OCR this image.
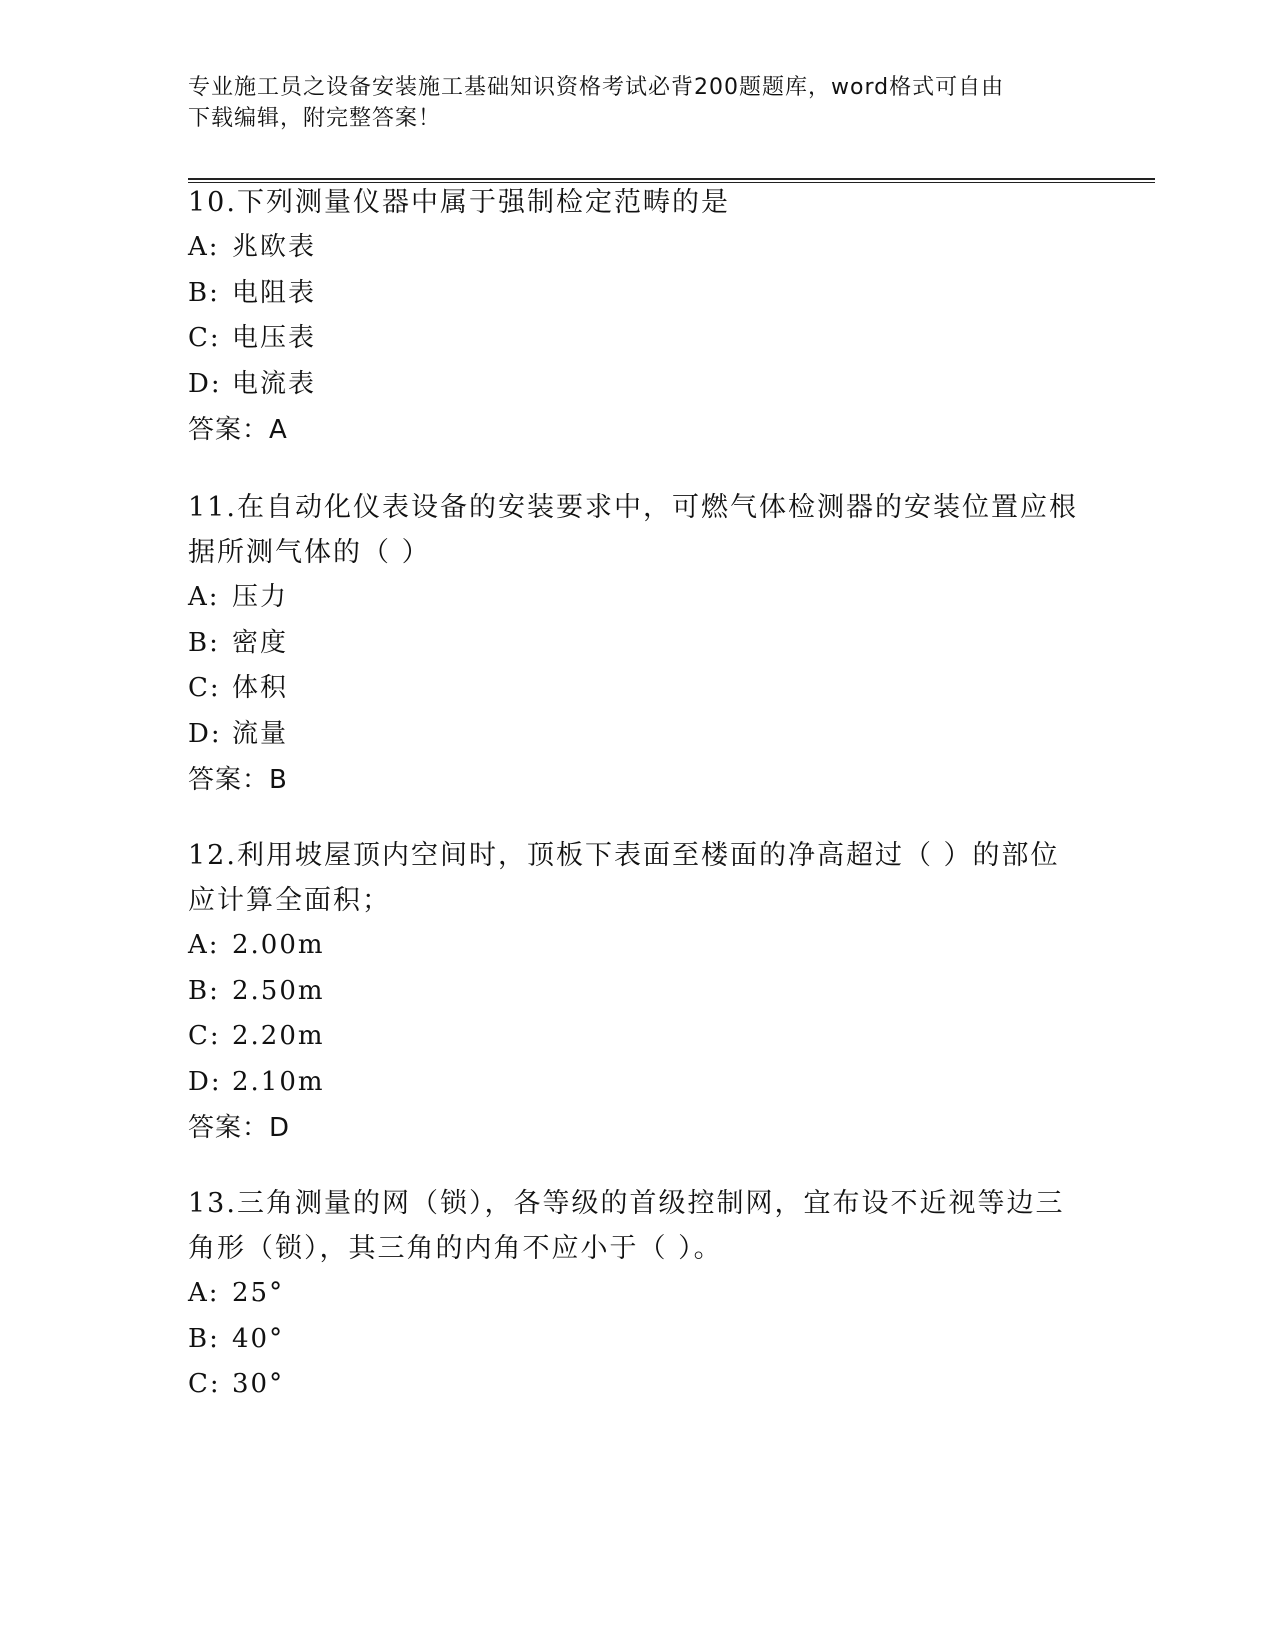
专业施工员之设备安装施工基础知识资格考试必背200题题库，word格式可自由
下载编辑，附完整答案！
10.下列测量仪器中属于强制检定范畴的是
A: 兆欧表
B: 电阻表
C: 电压表
D: 电流表
答案：A
11.在自动化仪表设备的安装要求中，可燃气体检测器的安装位置应根
据所测气体的（ ）
A: 压力
B: 密度
C: 体积
D: 流量
答案：B
12.利用坡屋顶内空间时，顶板下表面至楼面的净高超过（ ）的部位
应计算全面积；
A: 2.00m
B: 2.50m
C: 2.20m
D: 2.10m
答案：D
13.三角测量的网（锁），各等级的首级控制网，宜布设不近视等边三
角形（锁），其三角的内角不应小于（ ）。
A: 25°
B: 40°
C: 30°
